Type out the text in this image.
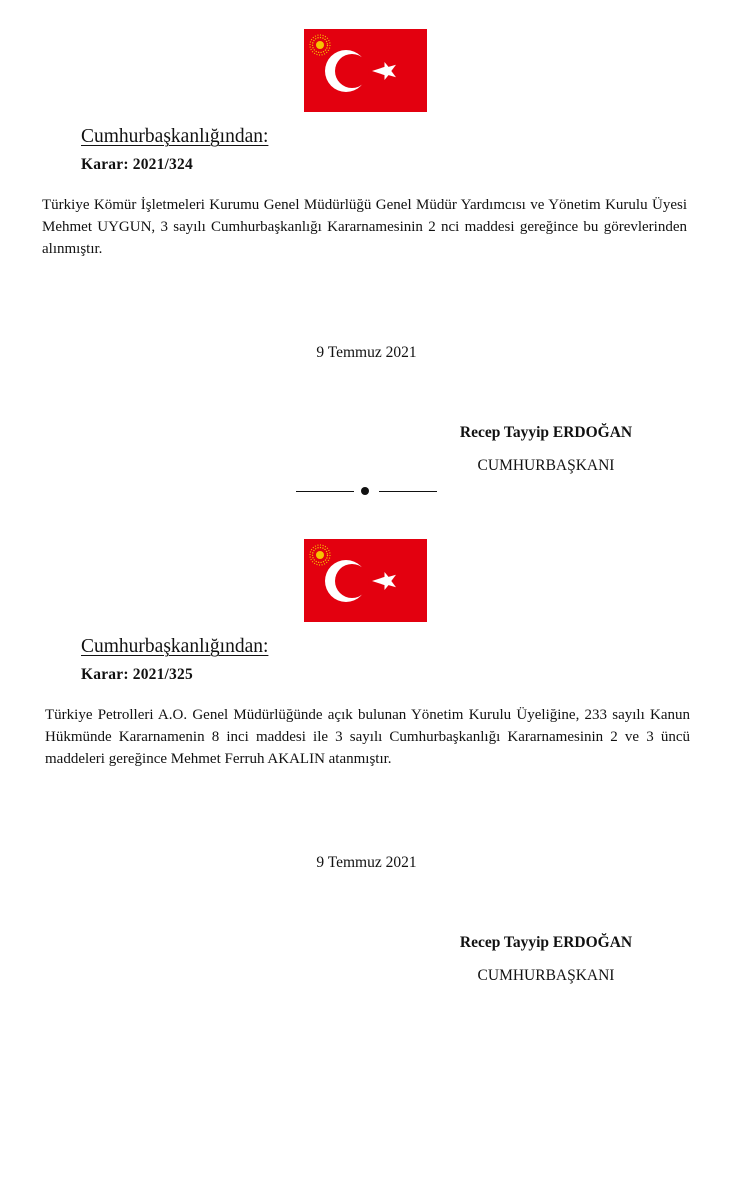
Cumhurbaşkanlığından:
Karar: 2021/324

Türkiye Kömür İşletmeleri Kurumu Genel Müdürlüğü Genel Müdür Yardımcısı ve Yönetim Kurulu Üyesi Mehmet UYGUN, 3 sayılı Cumhurbaşkanlığı Kararnamesinin 2 nci maddesi gereğince bu görevlerinden alınmıştır.

9 Temmuz 2021
Recep Tayyip ERDOĞAN
CUMHURBAŞKANI
Cumhurbaşkanlığından:
Karar: 2021/325

Türkiye Petrolleri A.O. Genel Müdürlüğünde açık bulunan Yönetim Kurulu Üyeliğine, 233 sayılı Kanun Hükmünde Kararnamenin 8 inci maddesi ile 3 sayılı Cumhurbaşkanlığı Kararnamesinin 2 ve 3 üncü maddeleri gereğince Mehmet Ferruh AKALIN atanmıştır.

9 Temmuz 2021
Recep Tayyip ERDOĞAN
CUMHURBAŞKANI
